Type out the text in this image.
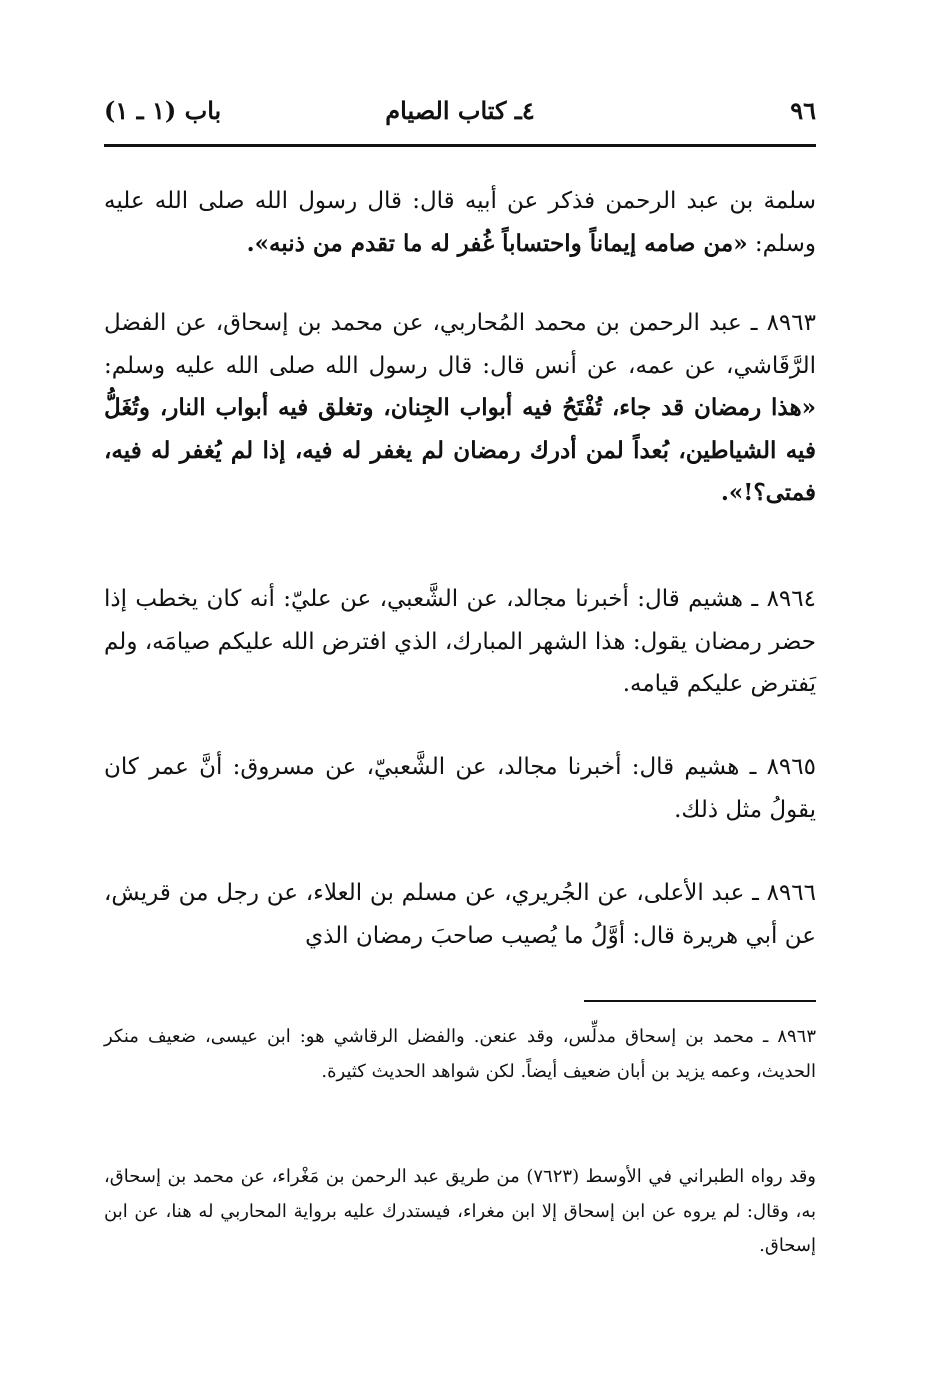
باب (١ ـ ١)	٤ـ كتاب الصيام	٩٦

سلمة بن عبد الرحمن فذكر عن أبيه قال: قال رسول الله صلى الله عليه وسلم: «من صامه إيماناً واحتساباً غُفر له ما تقدم من ذنبه».

٨٩٦٣ ـ عبد الرحمن بن محمد المُحاربي، عن محمد بن إسحاق، عن الفضل الرَّقَاشي، عن عمه، عن أنس قال: قال رسول الله صلى الله عليه وسلم: «هذا رمضان قد جاء، تُفْتَحُ فيه أبواب الجِنان، وتغلق فيه أبواب النار، وتُغَلُّ فيه الشياطين، بُعداً لمن أدرك رمضان لم يغفر له فيه، إذا لم يُغفر له فيه، فمتى؟!».

٨٩٦٤ ـ هشيم قال: أخبرنا مجالد، عن الشَّعبي، عن عليّ: أنه كان يخطب إذا حضر رمضان يقول: هذا الشهر المبارك، الذي افترض الله عليكم صيامَه، ولم يَفترض عليكم قيامه.

٨٩٦٥ ـ هشيم قال: أخبرنا مجالد، عن الشَّعبيّ، عن مسروق: أنَّ عمر كان يقولُ مثل ذلك.

٨٩٦٦ ـ عبد الأعلى، عن الجُريري، عن مسلم بن العلاء، عن رجل من قريش، عن أبي هريرة قال: أوَّلُ ما يُصيب صاحبَ رمضان الذي

٨٩٦٣ ـ محمد بن إسحاق مدلِّس، وقد عنعن. والفضل الرقاشي هو: ابن عيسى، ضعيف منكر الحديث، وعمه يزيد بن أبان ضعيف أيضاً. لكن شواهد الحديث كثيرة.

وقد رواه الطبراني في الأوسط (٧٦٢٣) من طريق عبد الرحمن بن مَغْراء، عن محمد بن إسحاق، به، وقال: لم يروه عن ابن إسحاق إلا ابن مغراء، فيستدرك عليه برواية المحاربي له هنا، عن ابن إسحاق.
